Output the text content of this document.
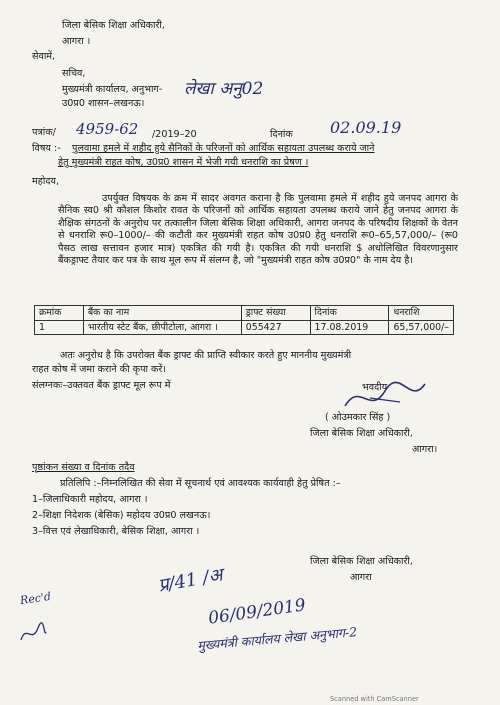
जिला बेसिक शिक्षा अधिकारी,
आगरा ।
सेवामें,
सचिव,
मुख्यमंत्री कार्यालय, अनुभाग- लेखा अनु02
उ0प्र0 शासन–लखनऊ।
पत्रांक/ 4959-62 /2019–20	दिनांक 02.09.19
विषय :- पुलवामा हमले में शहीद हुये सैनिकों के परिजनों को आर्थिक सहायता उपलब्ध कराये जाने
हेतु मुख्यमंत्री राहत कोष, उ0प्र0 शासन में भेजी गयी धनराशि का प्रेषण ।
महोदय,
उपर्युक्त विषयक के क्रम में सादर अवगत कराना है कि पुलवामा हमले में शहीद हुये जनपद आगरा के सैनिक स्व0 श्री कौशल किशोर रावत के परिजनों को आर्थिक सहायता उपलब्ध कराये जाने हेतु जनपद आगरा के शैक्षिक संगठनों के अनुरोध पर तत्कालीन जिला बेसिक शिक्षा अधिकारी, आगरा जनपद के परिषदीय शिक्षकों के वेतन से धनराशि रू0–1000/– की कटौती कर मुख्यमंत्री राहत कोष उ0प्र0 हेतु धनराशि रू0–65,57,000/– (रू0 पैसठ लाख सत्तावन हजार मात्र) एकत्रित की गयी है। एकत्रित की गयी धनराशि $ अधोलिखित विवरणानुसार बैंकड्राफ्ट तैयार कर पत्र के साथ मूल रूप में संलग्न है, जो "मुख्यमंत्री राहत कोष उ0प्र0" के नाम देय है।
क्रमांक	बैंक का नाम	ड्राफ्ट संख्या	दिनांक	धनराशि
1	भारतीय स्टेट बैंक, छीपीटोला, आगरा ।	055427	17.08.2019	65,57,000/–
अतः अनुरोध है कि उपरोक्त बैंक ड्राफ्ट की प्राप्ति स्वीकार करते हुए माननीय मुख्यमंत्री
राहत कोष में जमा कराने की कृपा करें।
संलग्नकः–उक्तवत बैंक ड्राफ्ट मूल रूप में	भवदीय
( ओउमकार सिंह )
जिला बेसिक शिक्षा अधिकारी,
आगरा।
पृष्ठांकन संख्या व दिनांक तदैव
प्रतिलिपि :–निम्नलिखित की सेवा में सूचनार्थ एवं आवश्यक कार्यवाही हेतु प्रेषित :–
1–जिलाधिकारी महोदय, आगरा ।
2–शिक्षा निदेशक (बेसिक) महोदय उ0प्र0 लखनऊ।
3–वित्त एवं लेखाधिकारी, बेसिक शिक्षा, आगरा ।
जिला बेसिक शिक्षा अधिकारी,
आगरा
Rec'd
प्र/41 /अ
06/09/2019
मुख्यमंत्री कार्यालय लेखा अनुभाग-2
Scanned with CamScanner
